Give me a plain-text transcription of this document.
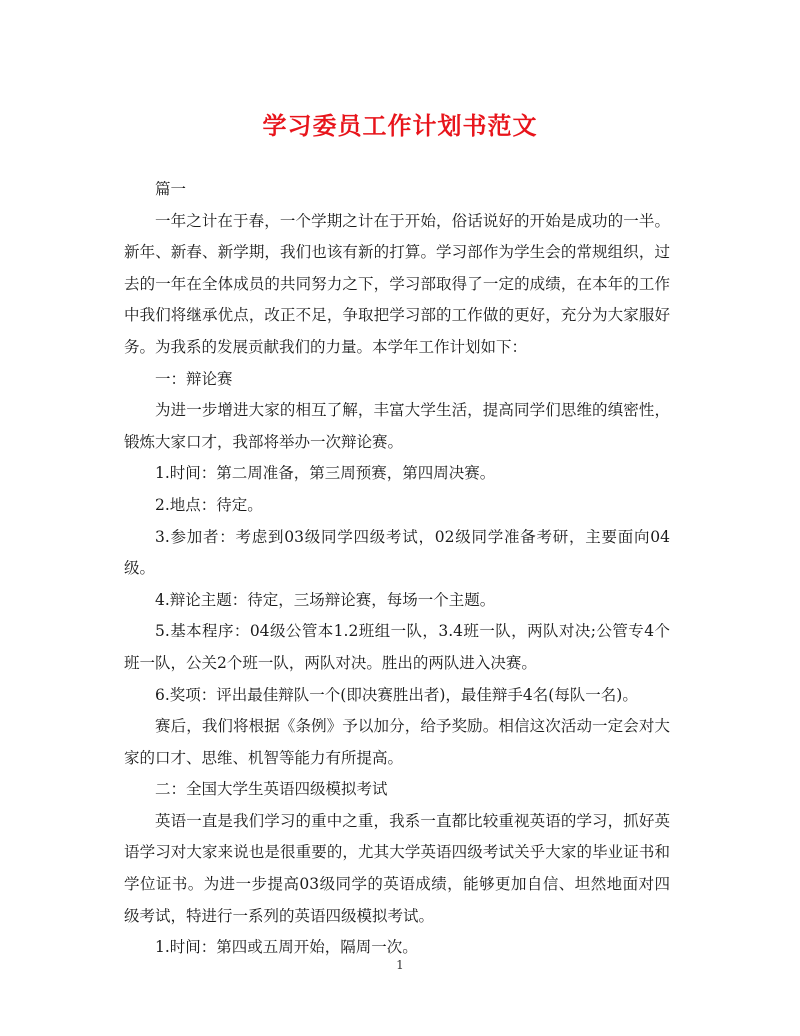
学习委员工作计划书范文

篇一

一年之计在于春，一个学期之计在于开始，俗话说好的开始是成功的一半。新年、新春、新学期，我们也该有新的打算。学习部作为学生会的常规组织，过去的一年在全体成员的共同努力之下，学习部取得了一定的成绩，在本年的工作中我们将继承优点，改正不足，争取把学习部的工作做的更好，充分为大家服好务。为我系的发展贡献我们的力量。本学年工作计划如下：

一：辩论赛

为进一步增进大家的相互了解，丰富大学生活，提高同学们思维的缜密性，锻炼大家口才，我部将举办一次辩论赛。

1.时间：第二周准备，第三周预赛，第四周决赛。

2.地点：待定。

3.参加者：考虑到03级同学四级考试，02级同学准备考研，主要面向04级。

4.辩论主题：待定，三场辩论赛，每场一个主题。

5.基本程序：04级公管本1.2班组一队，3.4班一队，两队对决;公管专4个班一队，公关2个班一队，两队对决。胜出的两队进入决赛。

6.奖项：评出最佳辩队一个(即决赛胜出者)，最佳辩手4名(每队一名)。

赛后，我们将根据《条例》予以加分，给予奖励。相信这次活动一定会对大家的口才、思维、机智等能力有所提高。

二：全国大学生英语四级模拟考试

英语一直是我们学习的重中之重，我系一直都比较重视英语的学习，抓好英语学习对大家来说也是很重要的，尤其大学英语四级考试关乎大家的毕业证书和学位证书。为进一步提高03级同学的英语成绩，能够更加自信、坦然地面对四级考试，特进行一系列的英语四级模拟考试。

1.时间：第四或五周开始，隔周一次。

1
